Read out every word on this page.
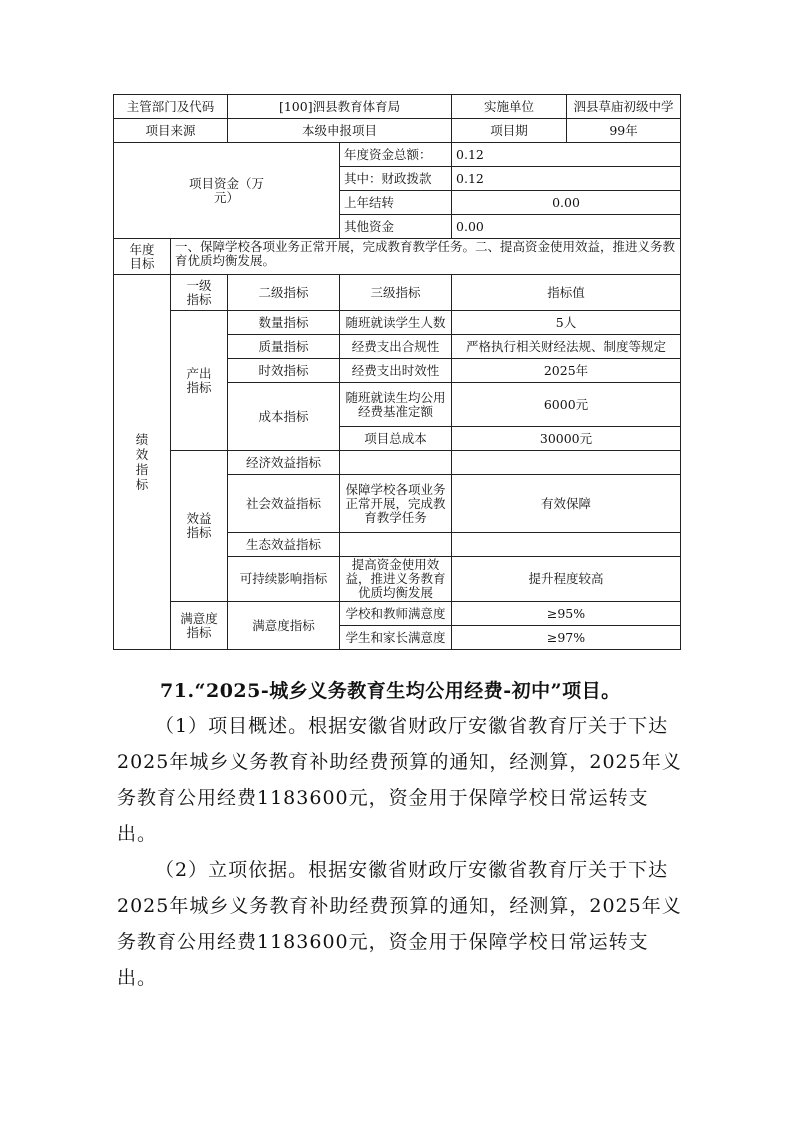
主管部门及代码		[100]泗县教育体育局		实施单位	泗县草庙初级中学
项目来源		本级申报项目		项目期	99年
项目资金（万元）			年度资金总额：	0.12	
			其中：财政拨款	0.12	
			上年结转	0.00	
			其他资金	0.00	
年度目标	一、保障学校各项业务正常开展，完成教育教学任务。二、提高资金使用效益，推进义务教育优质均衡发展。				
绩效指标	一级指标	二级指标	三级指标	指标值	
	产出指标	数量指标	随班就读学生人数	5人	
		质量指标	经费支出合规性	严格执行相关财经法规、制度等规定	
		时效指标	经费支出时效性	2025年	
		成本指标	随班就读生均公用经费基准定额	6000元	
			项目总成本	30000元	
	效益指标	经济效益指标			
		社会效益指标	保障学校各项业务正常开展，完成教育教学任务	有效保障	
		生态效益指标			
		可持续影响指标	提高资金使用效益，推进义务教育优质均衡发展	提升程度较高	
	满意度指标	满意度指标	学校和教师满意度	≥95%	
			学生和家长满意度	≥97%	
71.“2025-城乡义务教育生均公用经费-初中”项目。
（1）项目概述。根据安徽省财政厅安徽省教育厅关于下达2025年城乡义务教育补助经费预算的通知，经测算，2025年义务教育公用经费1183600元，资金用于保障学校日常运转支出。
（2）立项依据。根据安徽省财政厅安徽省教育厅关于下达2025年城乡义务教育补助经费预算的通知，经测算，2025年义务教育公用经费1183600元，资金用于保障学校日常运转支出。
